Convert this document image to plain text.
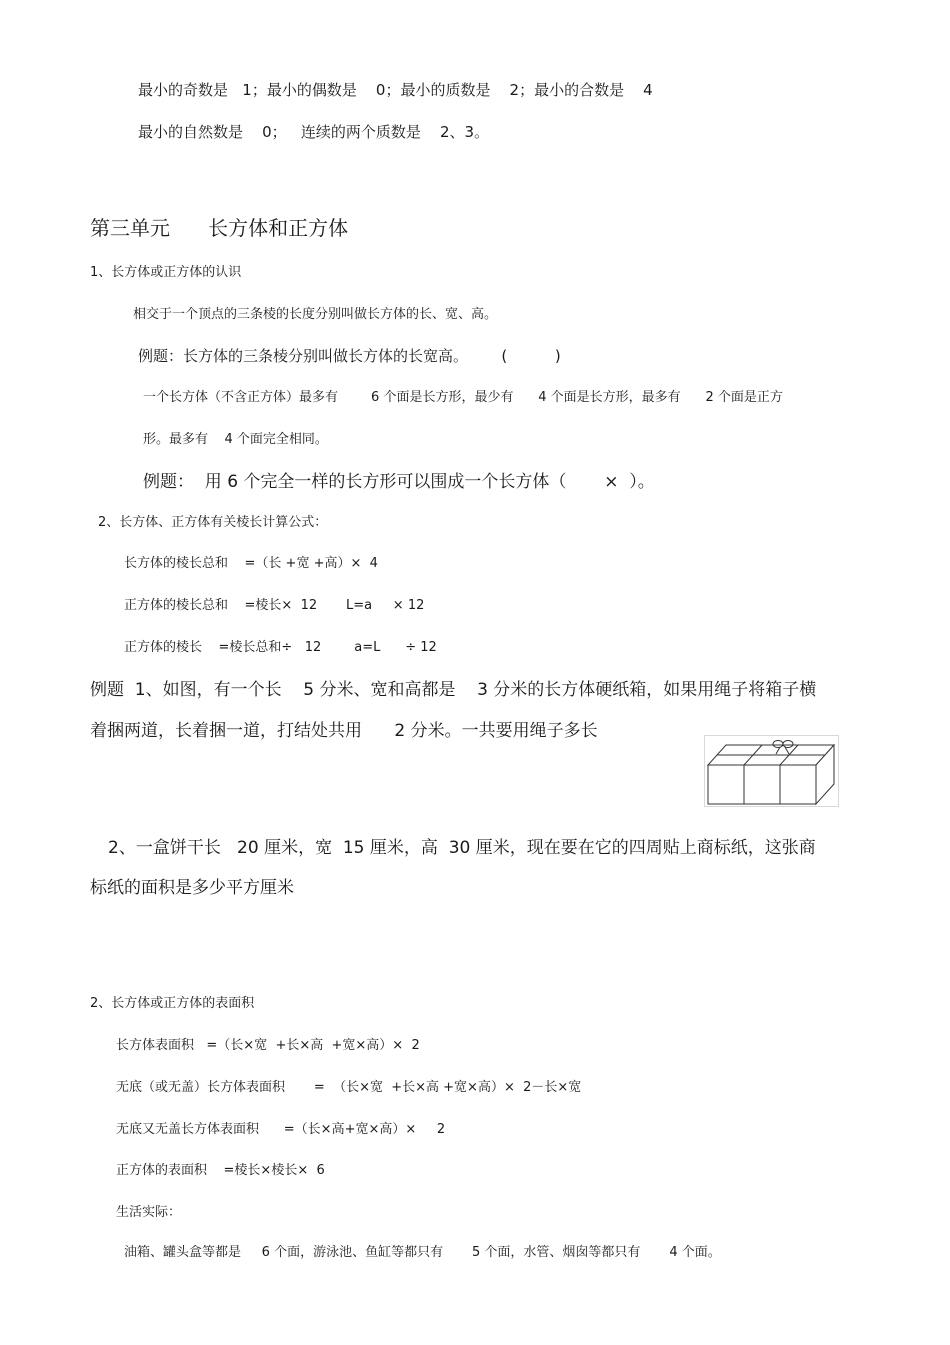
最小的奇数是   1；最小的偶数是    0；最小的质数是    2；最小的合数是    4
最小的自然数是    0；   连续的两个质数是    2、3。
第三单元      长方体和正方体
1、长方体或正方体的认识
相交于一个顶点的三条棱的长度分别叫做长方体的长、宽、高。
例题：长方体的三条棱分别叫做长方体的长宽高。       (          )
一个长方体（不含正方体）最多有        6 个面是长方形，最少有      4 个面是长方形，最多有      2 个面是正方
形。最多有    4 个面完全相同。
例题：  用 6 个完全一样的长方形可以围成一个长方体（       ×  ）。
2、长方体、正方体有关棱长计算公式：
长方体的棱长总和    =（长 +宽 +高）×  4
正方体的棱长总和    =棱长×  12       L=a     × 12
正方体的棱长    =棱长总和÷   12        a=L      ÷ 12
例题  1、如图，有一个长    5 分米、宽和高都是    3 分米的长方体硬纸箱，如果用绳子将箱子横
着捆两道，长着捆一道，打结处共用      2 分米。一共要用绳子多长
2、一盒饼干长   20 厘米，宽  15 厘米，高  30 厘米，现在要在它的四周贴上商标纸，这张商
标纸的面积是多少平方厘米
2、长方体或正方体的表面积
长方体表面积   =（长×宽  +长×高  +宽×高）×  2
无底（或无盖）长方体表面积       =  （长×宽  +长×高 +宽×高）×  2－长×宽
无底又无盖长方体表面积      =（长×高+宽×高）×     2
正方体的表面积    =棱长×棱长×  6
生活实际：
油箱、罐头盒等都是     6 个面，游泳池、鱼缸等都只有       5 个面，水管、烟囱等都只有       4 个面。
